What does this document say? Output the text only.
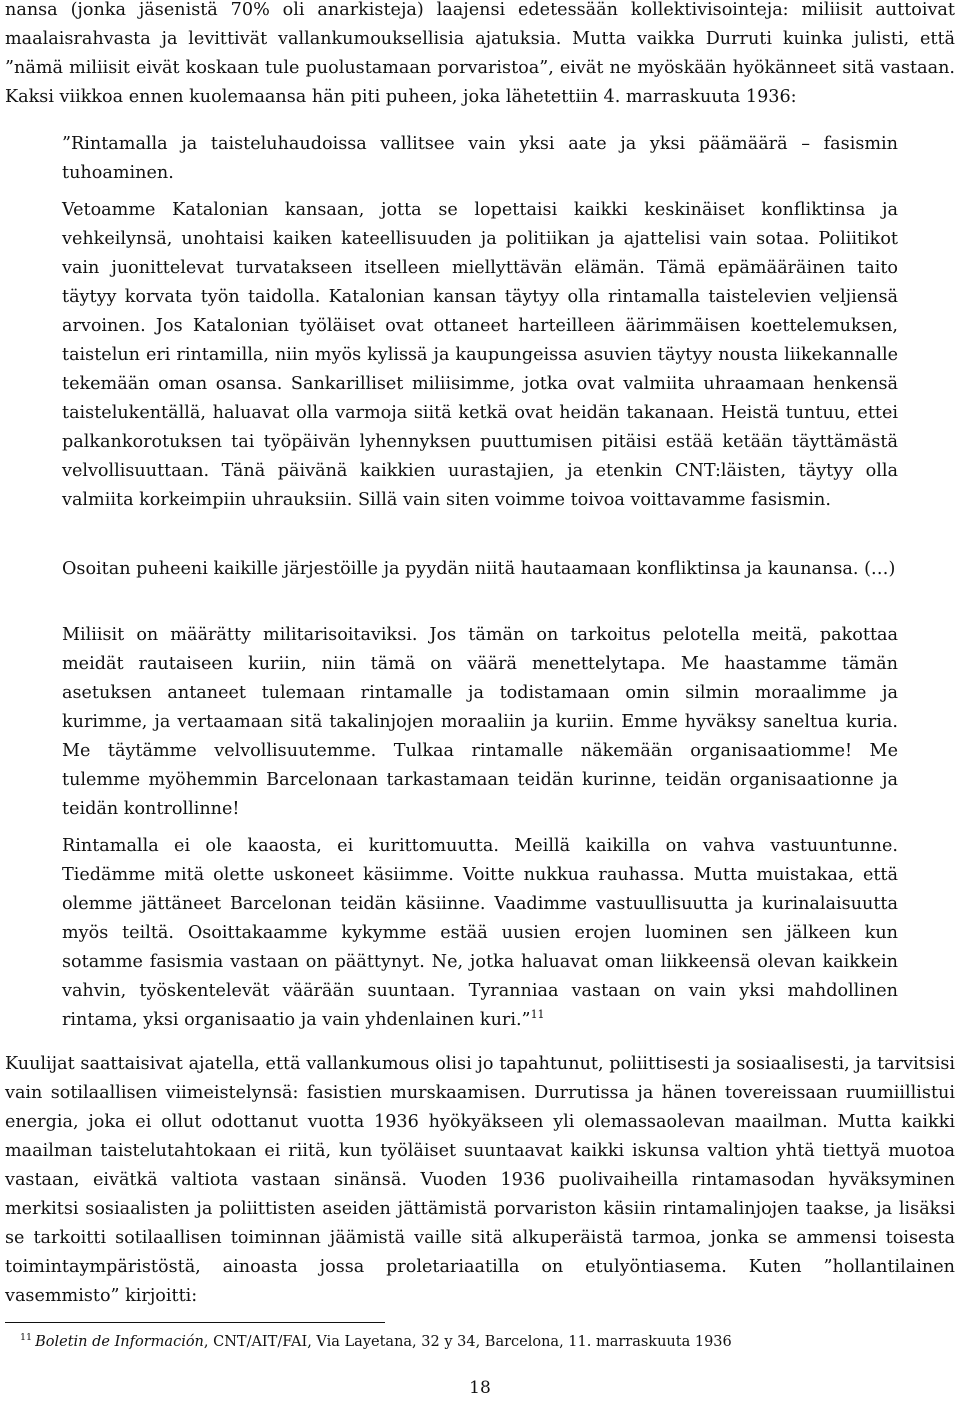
nansa (jonka jäsenistä 70% oli anarkisteja) laajensi edetessään kollektivisointeja: miliisit auttoivat maalaisrahvasta ja levittivät vallankumouksellisia ajatuksia. Mutta vaikka Durruti kuinka julisti, että ”nämä miliisit eivät koskaan tule puolustamaan porvaristoa”, eivät ne myöskään hyökänneet sitä vastaan. Kaksi viikkoa ennen kuolemaansa hän piti puheen, joka lähetettiin 4. marraskuuta 1936:

”Rintamalla ja taisteluhaudoissa vallitsee vain yksi aate ja yksi päämäärä – fasismin tuhoaminen.

Vetoamme Katalonian kansaan, jotta se lopettaisi kaikki keskinäiset konfliktinsa ja vehkeilynsä, unohtaisi kaiken kateellisuuden ja politiikan ja ajattelisi vain sotaa. Poliitikot vain juonittelevat turvatakseen itselleen miellyttävän elämän. Tämä epämääräinen taito täytyy korvata työn taidolla. Katalonian kansan täytyy olla rintamalla taistelevien veljiensä arvoinen. Jos Katalonian työläiset ovat ottaneet harteilleen äärimmäisen koettelemuksen, taistelun eri rintamilla, niin myös kylissä ja kaupungeissa asuvien täytyy nousta liikekannalle tekemään oman osansa. Sankarilliset miliisimme, jotka ovat valmiita uhraamaan henkensä taistelukentällä, haluavat olla varmoja siitä ketkä ovat heidän takanaan. Heistä tuntuu, ettei palkankorotuksen tai työpäivän lyhennyksen puuttumisen pitäisi estää ketään täyttämästä velvollisuuttaan. Tänä päivänä kaikkien uurastajien, ja etenkin CNT:läisten, täytyy olla valmiita korkeimpiin uhrauksiin. Sillä vain siten voimme toivoa voittavamme fasismin.

Osoitan puheeni kaikille järjestöille ja pyydän niitä hautaamaan konfliktinsa ja kaunansa. (…)

Miliisit on määrätty militarisoitaviksi. Jos tämän on tarkoitus pelotella meitä, pakottaa meidät rautaiseen kuriin, niin tämä on väärä menettelytapa. Me haastamme tämän asetuksen antaneet tulemaan rintamalle ja todistamaan omin silmin moraalimme ja kurimme, ja vertaamaan sitä takalinjojen moraaliin ja kuriin. Emme hyväksy saneltua kuria. Me täytämme velvollisuutemme. Tulkaa rintamalle näkemään organisaatiomme! Me tulemme myöhemmin Barcelonaan tarkastamaan teidän kurinne, teidän organisaationne ja teidän kontrollinne!

Rintamalla ei ole kaaosta, ei kurittomuutta. Meillä kaikilla on vahva vastuuntunne. Tiedämme mitä olette uskoneet käsiimme. Voitte nukkua rauhassa. Mutta muistakaa, että olemme jättäneet Barcelonan teidän käsiinne. Vaadimme vastuullisuutta ja kurinalaisuutta myös teiltä. Osoittakaamme kykymme estää uusien erojen luominen sen jälkeen kun sotamme fasismia vastaan on päättynyt. Ne, jotka haluavat oman liikkeensä olevan kaikkein vahvin, työskentelevät väärään suuntaan. Tyranniaa vastaan on vain yksi mahdollinen rintama, yksi organisaatio ja vain yhdenlainen kuri.”$^{11}$

Kuulijat saattaisivat ajatella, että vallankumous olisi jo tapahtunut, poliittisesti ja sosiaalisesti, ja tarvitsisi vain sotilaallisen viimeistelynsä: fasistien murskaamisen. Durrutissa ja hänen tovereissaan ruumiillistui energia, joka ei ollut odottanut vuotta 1936 hyökyäkseen yli olemassaolevan maailman. Mutta kaikki maailman taistelutahtokaan ei riitä, kun työläiset suuntaavat kaikki iskunsa valtion yhtä tiettyä muotoa vastaan, eivätkä valtiota vastaan sinänsä. Vuoden 1936 puolivaiheilla rintamasodan hyväksyminen merkitsi sosiaalisten ja poliittisten aseiden jättämistä porvariston käsiin rintamalinjojen taakse, ja lisäksi se tarkoitti sotilaallisen toiminnan jäämistä vaille sitä alkuperäistä tarmoa, jonka se ammensi toisesta toimintaympäristöstä, ainoasta jossa proletariaatilla on etulyöntiasema. Kuten ”hollantilainen vasemmisto” kirjoitti:

$^{11}$ Boletin de Información, CNT/AIT/FAI, Via Layetana, 32 y 34, Barcelona, 11. marraskuuta 1936

18
